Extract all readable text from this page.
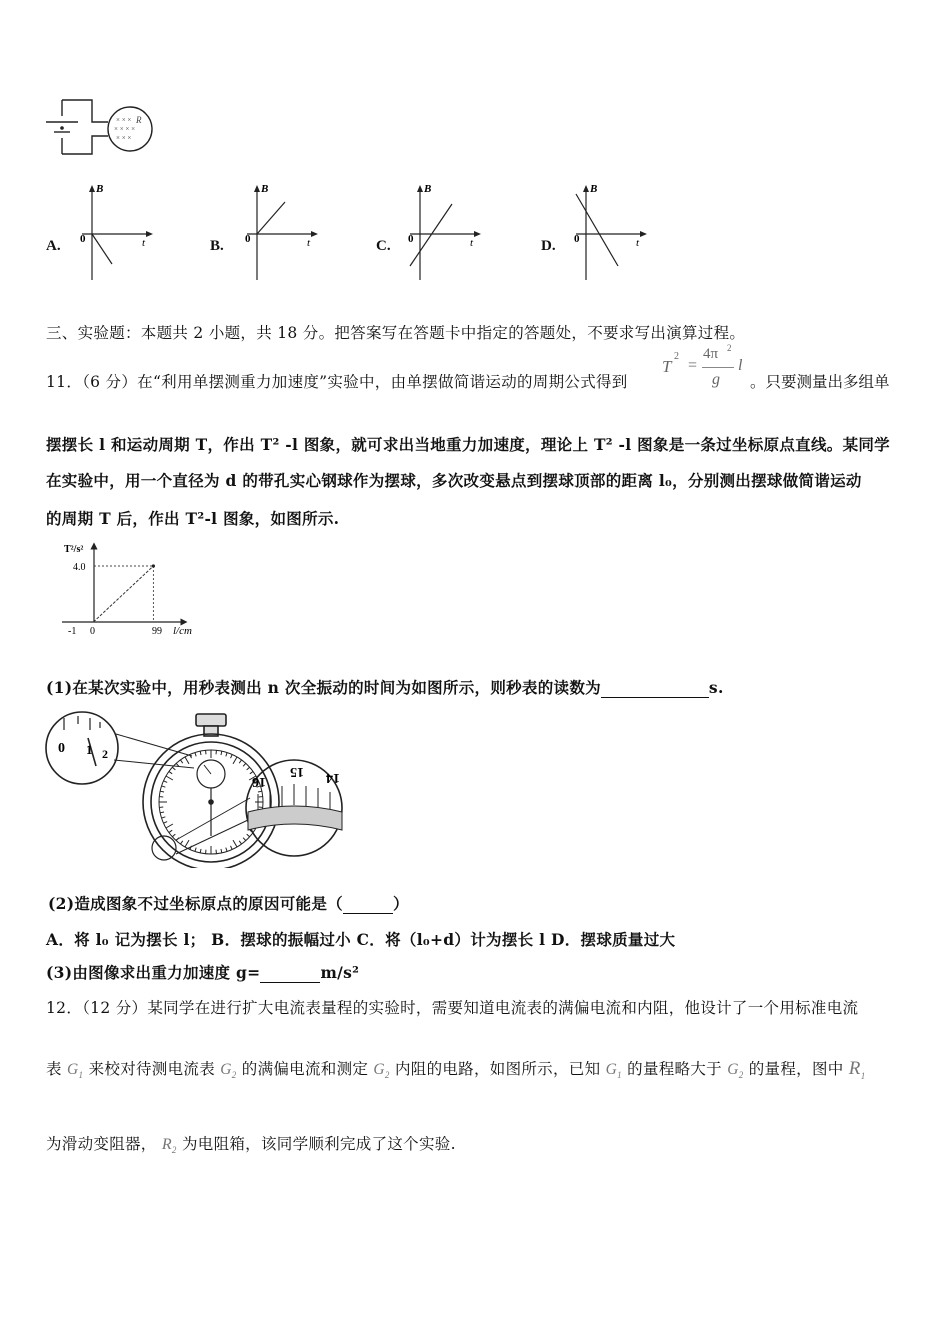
× × ×
× × × ×
× × ×
R
A.
B
t
0	B.
B
t
0	C.
B
t
0	D.
B
t
0
三、实验题：本题共 2 小题，共 18 分。把答案写在答题卡中指定的答题处，不要求写出演算过程。
11．（6 分）在“利用单摆测重力加速度”实验中，由单摆做简谐运动的周期公式得到
T
2
=
4π 2
g
l
。只要测量出多组单
摆摆长 l 和运动周期 T，作出 T² -l 图象，就可求出当地重力加速度，理论上 T² -l 图象是一条过坐标原点直线。某同学
在实验中，用一个直径为 d 的带孔实心钢球作为摆球，多次改变悬点到摆球顶部的距离 l₀，分别测出摆球做简谐运动
的周期 T 后，作出 T²-l 图象，如图所示.
T²/s²
l/cm
4.0
-1 0	99
(1)在某次实验中，用秒表测出 n 次全振动的时间为如图所示，则秒表的读数为	s.
0 1 2
16
15 14
(2)造成图象不过坐标原点的原因可能是（	）
A．将 l₀ 记为摆长 l； B．摆球的振幅过小 C．将（l₀+d）计为摆长 l D．摆球质量过大
(3)由图像求出重力加速度 g=	m/s²
12．（12 分）某同学在进行扩大电流表量程的实验时，需要知道电流表的满偏电流和内阻，他设计了一个用标准电流
表 $G_1$ 来校对待测电流表 $G_2$ 的满偏电流和测定 $G_2$ 内阻的电路，如图所示，已知 $G_1$ 的量程略大于 $G_2$ 的量程，图中 $R_1$
为滑动变阻器， $R_2$ 为电阻箱，该同学顺利完成了这个实验.
